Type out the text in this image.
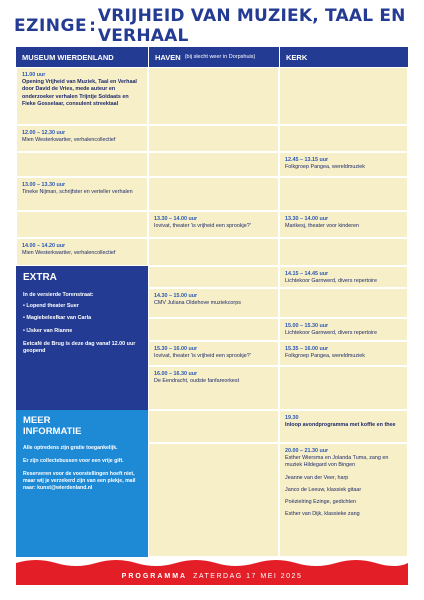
EZINGE : VRIJHEID VAN MUZIEK, TAAL EN VERHAAL
MUSEUM WIERDENLAND	HAVEN (bij slecht weer in Dorpshuis)	KERK
11.00 uur
Opening Vrijheid van Muziek, Taal en Verhaal door David de Vries, mede auteur en onderzoeker verhalen Trijntje Soldaats en Fieke Gosselaar, consulent streektaal
12.00 – 12.30 uur
Mien Westerkwartier, verhalencollectief
12.45 – 13.15 uur
Folkgroep Pangea, wereldmuziek
13.00 – 13.30 uur
Tineke Nijman, schrijfster en verteller verhalen
13.30 – 14.00 uur
Iovivat, theater 'is vrijheid een sprookje?'
13.30 – 14.00 uur
Marikesj, theater voor kinderen
14.00 – 14.20 uur
Mien Westerkwartier, verhalencollectief
14.15 – 14.45 uur
Lichtekoor Garnwerd, divers repertoire
14.30 – 15.00 uur
CMV Juliana Oldehove muziekcorps
15.00 – 15.30 uur
Lichtekoor Garnwerd, divers repertoire
15.30 – 16.00 uur
Iovivat, theater 'is vrijheid een sprookje?'
15.35 – 16.00 uur
Folkgroep Pangea, wereldmuziek
16.00 – 16.30 uur
De Eendracht, oudste fanfareorkest
19.30
Inloop avondprogramma met koffie en thee
20.00 – 21.30 uur
Esther Wiersma en Jolanda Tuma, zang en muziek Hildegard von Bingen
Jeanne van der Veer, harp
Janco de Leeuw, klassiek gitaar
Poëzielring Ezinge, gedichten
Esther van Dijk, klassieke zang
EXTRA

In de versierde Torenstraat:

• Lopend theater Suer
• Magiebelesfkar van Carla
• IJsker van Rianne

Eetcafé de Brug is deze dag vanaf 12.00 uur geopend

MEER
INFORMATIE

Alle optredens zijn gratie toegankelijk.

Er zijn collectebussen voor een vrije gift.

Reserveren voor de voorstellingen hoeft niet, maar wij je verzekerd zijn van een plekje, mail naar: kunst@wierdenland.nl

PROGRAMMA ZATERDAG 17 MEI 2025
